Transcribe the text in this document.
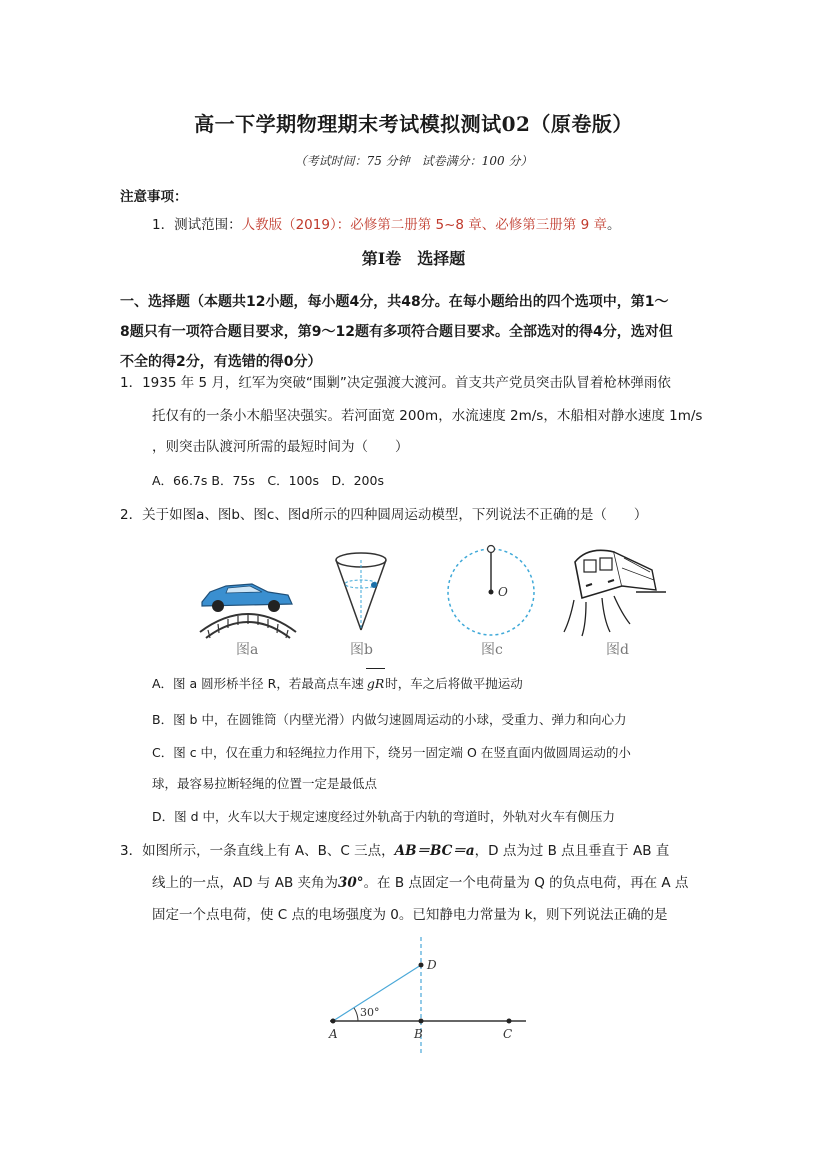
高一下学期物理期末考试模拟测试02（原卷版）
（考试时间：75 分钟　试卷满分：100 分）
注意事项：
1．测试范围：人教版（2019）：必修第二册第 5~8 章、必修第三册第 9 章。
第Ⅰ卷　选择题
一、选择题（本题共12小题，每小题4分，共48分。在每小题给出的四个选项中，第1～
8题只有一项符合题目要求，第9～12题有多项符合题目要求。全部选对的得4分，选对但
不全的得2分，有选错的得0分）
1．1935 年 5 月，红军为突破“围剿”决定强渡大渡河。首支共产党员突击队冒着枪林弹雨依
托仅有的一条小木船坚决强实。若河面宽 200m，水流速度 2m/s，木船相对静水速度 1m/s
，则突击队渡河所需的最短时间为（　　）
A．66.7s B．75s　C．100s　D．200s
2．关于如图a、图b、图c、图d所示的四种圆周运动模型，下列说法不正确的是（　　）
O
图a	图b	图c	图d
A．图 a 圆形桥半径 R，若最高点车速 gR时，车之后将做平抛运动
B．图 b 中，在圆锥筒（内壁光滑）内做匀速圆周运动的小球，受重力、弹力和向心力
C．图 c 中，仅在重力和轻绳拉力作用下，绕另一固定端 O 在竖直面内做圆周运动的小
球，最容易拉断轻绳的位置一定是最低点
D．图 d 中，火车以大于规定速度经过外轨高于内轨的弯道时，外轨对火车有侧压力
3．如图所示，一条直线上有 A、B、C 三点，AB＝BC＝a，D 点为过 B 点且垂直于 AB 直
线上的一点，AD 与 AB 夹角为30°。在 B 点固定一个电荷量为 Q 的负点电荷，再在 A 点
固定一个点电荷，使 C 点的电场强度为 0。已知静电力常量为 k，则下列说法正确的是
A	B	C
D
30°
